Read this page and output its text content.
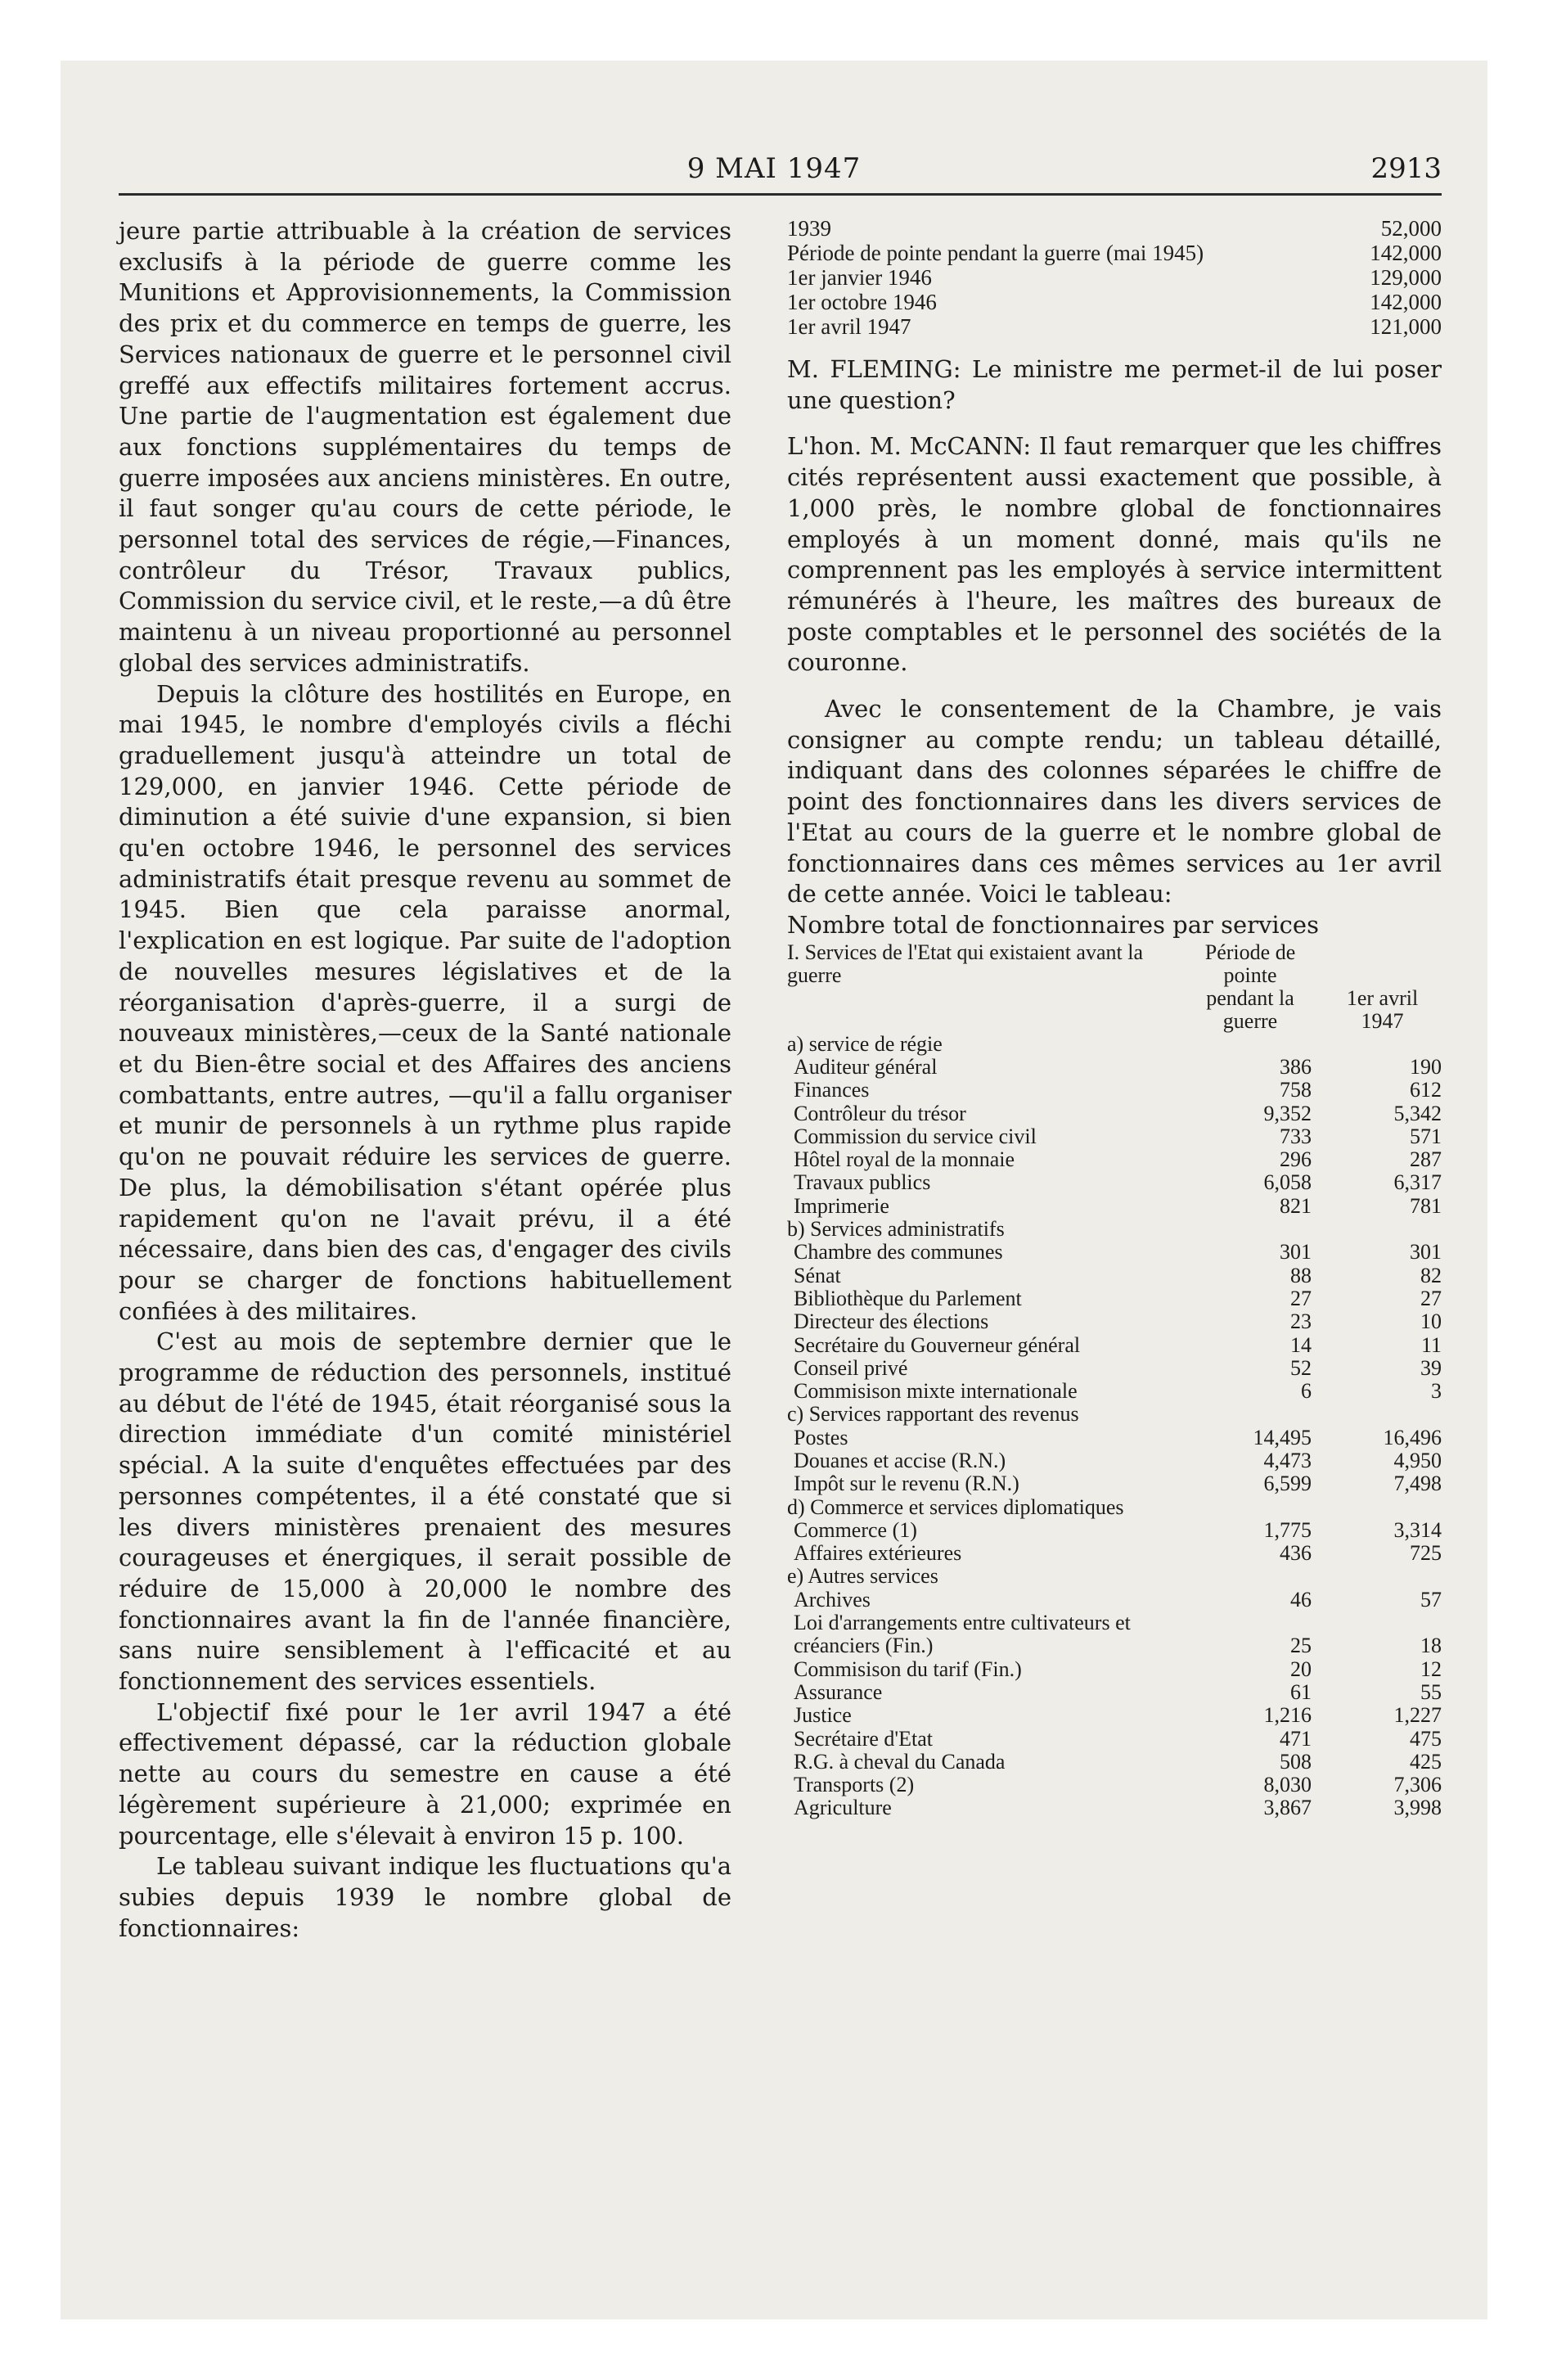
9 MAI 1947	2913

jeure partie attribuable à la création de services exclusifs à la période de guerre comme les Munitions et Approvisionnements, la Commission des prix et du commerce en temps de guerre, les Services nationaux de guerre et le personnel civil greffé aux effectifs militaires fortement accrus. Une partie de l'augmentation est également due aux fonctions supplémentaires du temps de guerre imposées aux anciens ministères. En outre, il faut songer qu'au cours de cette période, le personnel total des services de régie,—Finances, contrôleur du Trésor, Travaux publics, Commission du service civil, et le reste,—a dû être maintenu à un niveau proportionné au personnel global des services administratifs.

Depuis la clôture des hostilités en Europe, en mai 1945, le nombre d'employés civils a fléchi graduellement jusqu'à atteindre un total de 129,000, en janvier 1946. Cette période de diminution a été suivie d'une expansion, si bien qu'en octobre 1946, le personnel des services administratifs était presque revenu au sommet de 1945. Bien que cela paraisse anormal, l'explication en est logique. Par suite de l'adoption de nouvelles mesures législatives et de la réorganisation d'après-guerre, il a surgi de nouveaux ministères,—ceux de la Santé nationale et du Bien-être social et des Affaires des anciens combattants, entre autres, —qu'il a fallu organiser et munir de personnels à un rythme plus rapide qu'on ne pouvait réduire les services de guerre. De plus, la démobilisation s'étant opérée plus rapidement qu'on ne l'avait prévu, il a été nécessaire, dans bien des cas, d'engager des civils pour se charger de fonctions habituellement confiées à des militaires.

C'est au mois de septembre dernier que le programme de réduction des personnels, institué au début de l'été de 1945, était réorganisé sous la direction immédiate d'un comité ministériel spécial. A la suite d'enquêtes effectuées par des personnes compétentes, il a été constaté que si les divers ministères prenaient des mesures courageuses et énergiques, il serait possible de réduire de 15,000 à 20,000 le nombre des fonctionnaires avant la fin de l'année financière, sans nuire sensiblement à l'efficacité et au fonctionnement des services essentiels.

L'objectif fixé pour le 1er avril 1947 a été effectivement dépassé, car la réduction globale nette au cours du semestre en cause a été légèrement supérieure à 21,000; exprimée en pourcentage, elle s'élevait à environ 15 p. 100.

Le tableau suivant indique les fluctuations qu'a subies depuis 1939 le nombre global de fonctionnaires:

1939	52,000
Période de pointe pendant la guerre (mai 1945)	142,000
1er janvier 1946	129,000
1er octobre 1946	142,000
1er avril 1947	121,000

M. FLEMING: Le ministre me permet-il de lui poser une question?

L'hon. M. McCANN: Il faut remarquer que les chiffres cités représentent aussi exactement que possible, à 1,000 près, le nombre global de fonctionnaires employés à un moment donné, mais qu'ils ne comprennent pas les employés à service intermittent rémunérés à l'heure, les maîtres des bureaux de poste comptables et le personnel des sociétés de la couronne.

Avec le consentement de la Chambre, je vais consigner au compte rendu; un tableau détaillé, indiquant dans des colonnes séparées le chiffre de point des fonctionnaires dans les divers services de l'Etat au cours de la guerre et le nombre global de fonctionnaires dans ces mêmes services au 1er avril de cette année. Voici le tableau:

Nombre total de fonctionnaires par services

I. Services de l'Etat qui existaient avant la guerre	Période de pointe pendant la guerre	1er avril 1947
a) service de régie		
Auditeur général	386	190
Finances	758	612
Contrôleur du trésor	9,352	5,342
Commission du service civil	733	571
Hôtel royal de la monnaie	296	287
Travaux publics	6,058	6,317
Imprimerie	821	781
b) Services administratifs		
Chambre des communes	301	301
Sénat	88	82
Bibliothèque du Parlement	27	27
Directeur des élections	23	10
Secrétaire du Gouverneur général	14	11
Conseil privé	52	39
Commisison mixte internationale	6	3
c) Services rapportant des revenus		
Postes	14,495	16,496
Douanes et accise (R.N.)	4,473	4,950
Impôt sur le revenu (R.N.)	6,599	7,498
d) Commerce et services diplomatiques		
Commerce (1)	1,775	3,314
Affaires extérieures	436	725
e) Autres services		
Archives	46	57
Loi d'arrangements entre cultivateurs et créanciers (Fin.)	25	18
Commisison du tarif (Fin.)	20	12
Assurance	61	55
Justice	1,216	1,227
Secrétaire d'Etat	471	475
R.G. à cheval du Canada	508	425
Transports (2)	8,030	7,306
Agriculture	3,867	3,998
